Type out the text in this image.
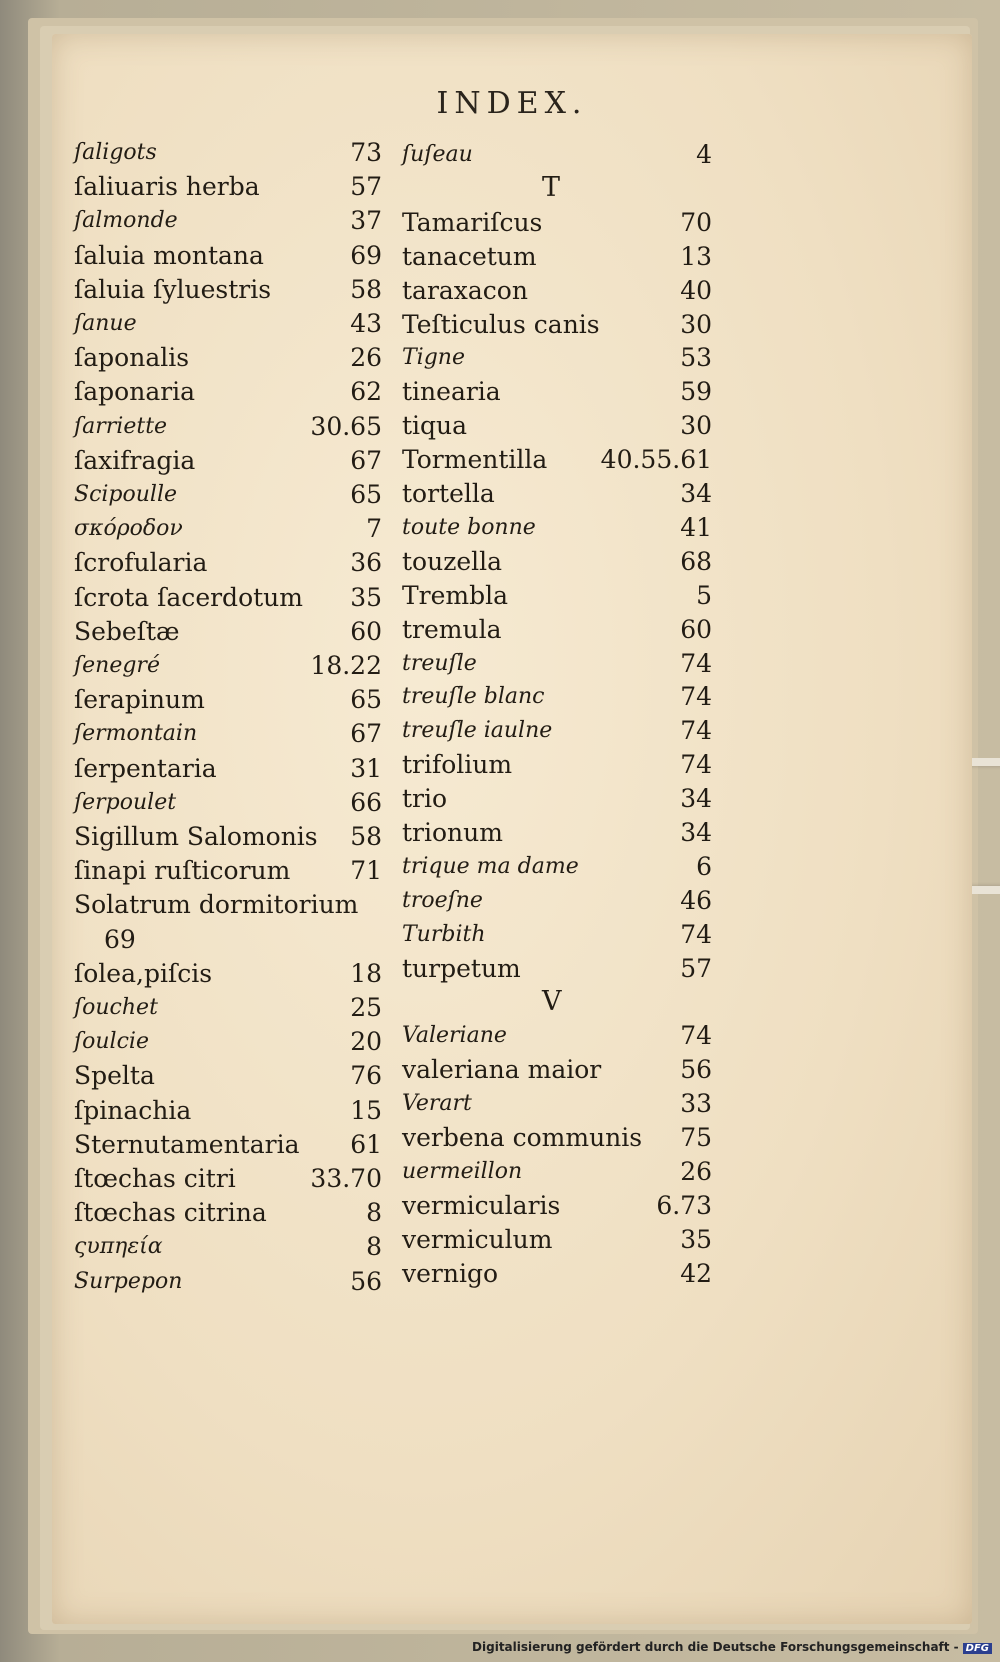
INDEX.
ſaligots	73
ſaliuaris herba	57
ſalmonde	37
ſaluia montana	69
ſaluia ſyluestris	58
ſanue	43
ſaponalis	26
ſaponaria	62
ſarriette	30.65
ſaxifragia	67
Scipoulle	65
σκόροδον	7
ſcrofularia	36
ſcrota ſacerdotum 35
Sebeſtæ	60
ſenegré	18.22
ſerapinum	65
ſermontain	67
ſerpentaria	31
ſerpoulet	66
Sigillum Salomonis 58
ſinapi ruſticorum 71
Solatrum dormitorium
69
ſolea,piſcis	18
ſouchet	25
ſoulcie	20
Spelta	76
ſpinachia	15
Sternutamentaria 61
ſtœchas citri	33.70
ſtœchas citrina	8
ςυπηεία	8
Surpepon	56
ſuſeau	4
T
Tamariſcus	70
tanacetum	13
taraxacon	40
Teſticulus canis	30
Tigne	53
tinearia	59
tiqua	30
Tormentilla 40.55.61
tortella	34
toute bonne	41
touzella	68
Trembla	5
tremula	60
treuſle	74
treuſle blanc	74
treuſle iaulne	74
trifolium	74
trio	34
trionum	34
trique ma dame	6
troeſne	46
Turbith	74
turpetum	57
V
Valeriane	74
valeriana maior	56
Verart	33
verbena communis 75
uermeillon	26
vermicularis	6.73
vermiculum	35
vernigo	42
Digitalisierung gefördert durch die Deutsche Forschungsgemeinschaft - DFG
